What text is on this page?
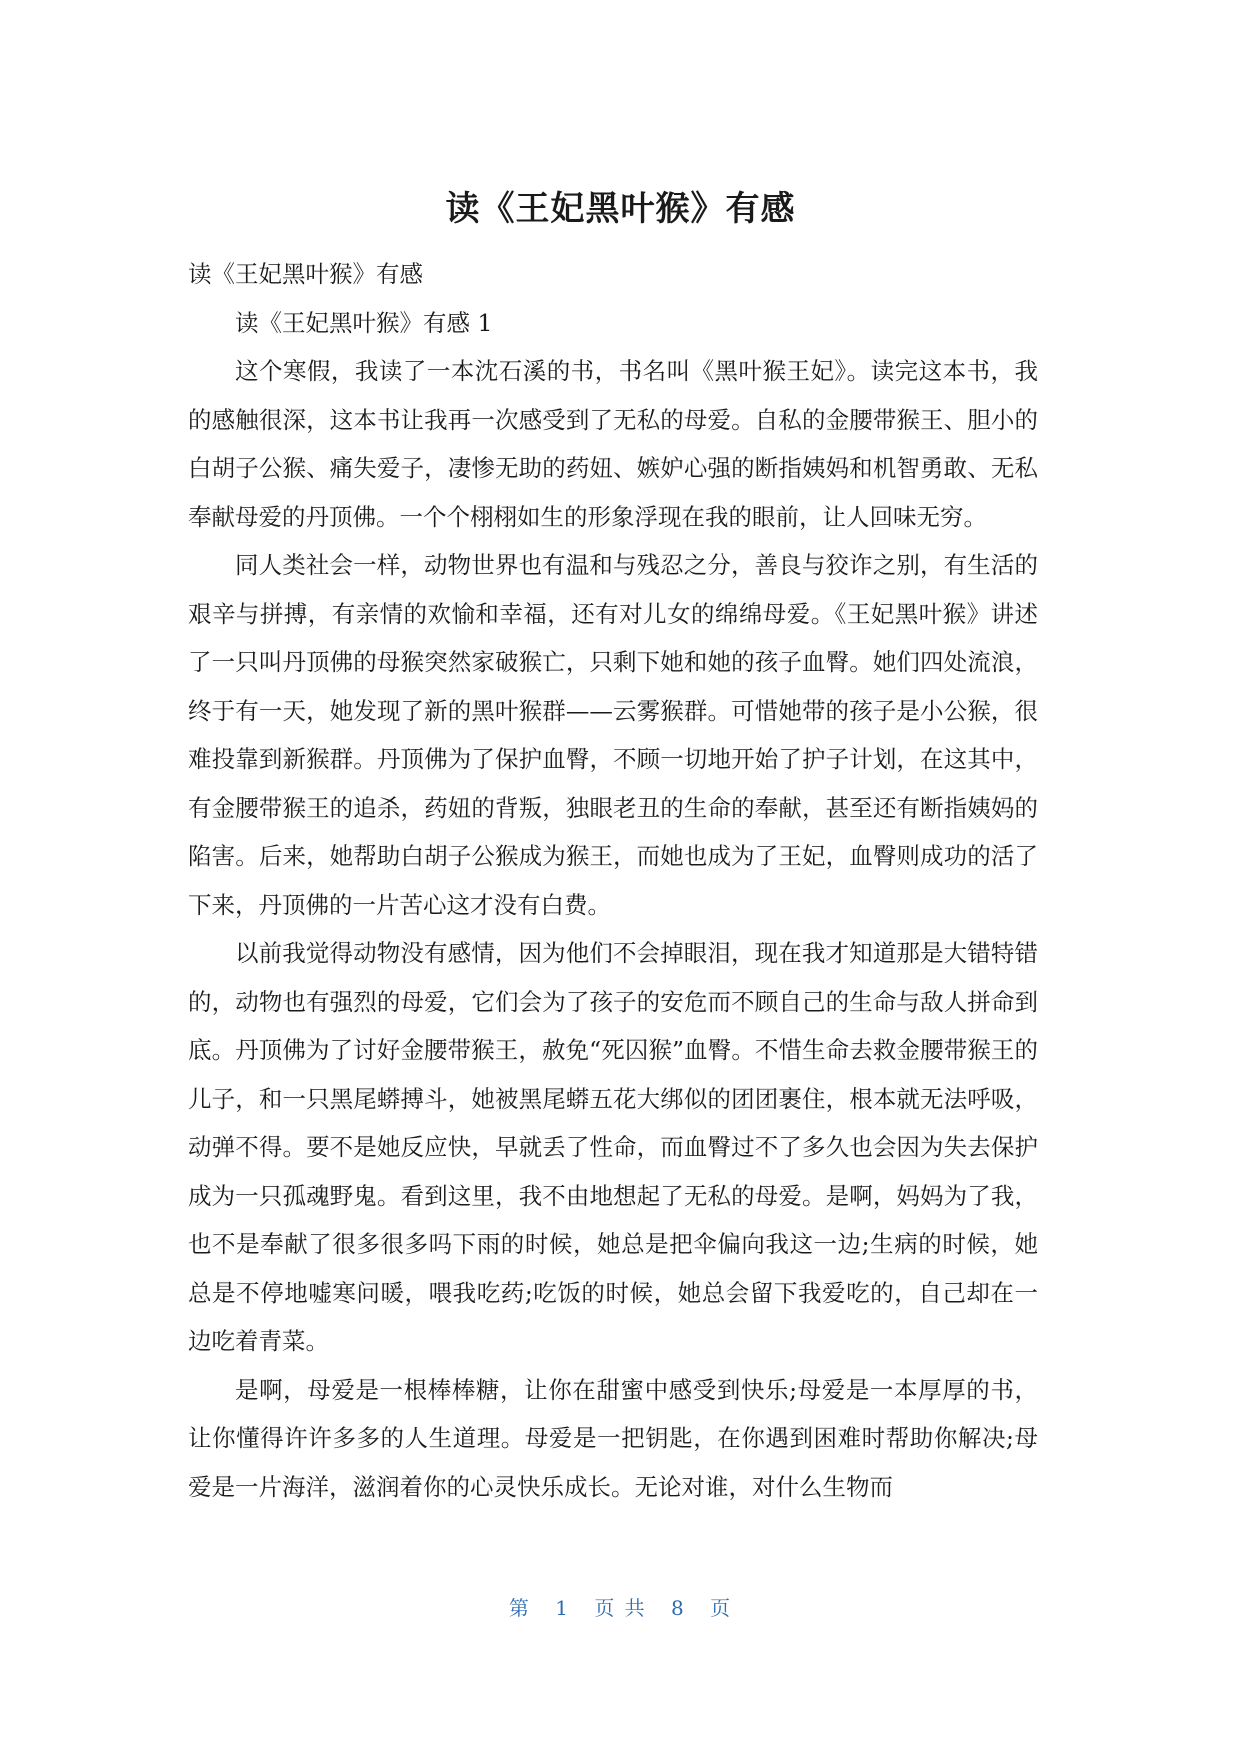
读《王妃黑叶猴》有感

读《王妃黑叶猴》有感

读《王妃黑叶猴》有感 1

这个寒假，我读了一本沈石溪的书，书名叫《黑叶猴王妃》。读完这本书，我的感触很深，这本书让我再一次感受到了无私的母爱。自私的金腰带猴王、胆小的白胡子公猴、痛失爱子，凄惨无助的药妞、嫉妒心强的断指姨妈和机智勇敢、无私奉献母爱的丹顶佛。一个个栩栩如生的形象浮现在我的眼前，让人回味无穷。

同人类社会一样，动物世界也有温和与残忍之分，善良与狡诈之别，有生活的艰辛与拼搏，有亲情的欢愉和幸福，还有对儿女的绵绵母爱。《王妃黑叶猴》讲述了一只叫丹顶佛的母猴突然家破猴亡，只剩下她和她的孩子血臀。她们四处流浪，终于有一天，她发现了新的黑叶猴群——云雾猴群。可惜她带的孩子是小公猴，很难投靠到新猴群。丹顶佛为了保护血臀，不顾一切地开始了护子计划，在这其中，有金腰带猴王的追杀，药妞的背叛，独眼老丑的生命的奉献，甚至还有断指姨妈的陷害。后来，她帮助白胡子公猴成为猴王，而她也成为了王妃，血臀则成功的活了下来，丹顶佛的一片苦心这才没有白费。

以前我觉得动物没有感情，因为他们不会掉眼泪，现在我才知道那是大错特错的，动物也有强烈的母爱，它们会为了孩子的安危而不顾自己的生命与敌人拼命到底。丹顶佛为了讨好金腰带猴王，赦免“死囚猴”血臀。不惜生命去救金腰带猴王的儿子，和一只黑尾蟒搏斗，她被黑尾蟒五花大绑似的团团裹住，根本就无法呼吸，动弹不得。要不是她反应快，早就丢了性命，而血臀过不了多久也会因为失去保护成为一只孤魂野鬼。看到这里，我不由地想起了无私的母爱。是啊，妈妈为了我，也不是奉献了很多很多吗下雨的时候，她总是把伞偏向我这一边;生病的时候，她总是不停地嘘寒问暖，喂我吃药;吃饭的时候，她总会留下我爱吃的，自己却在一边吃着青菜。

是啊，母爱是一根棒棒糖，让你在甜蜜中感受到快乐;母爱是一本厚厚的书，让你懂得许许多多的人生道理。母爱是一把钥匙，在你遇到困难时帮助你解决;母爱是一片海洋，滋润着你的心灵快乐成长。无论对谁，对什么生物而

第 1 页 共 8 页
